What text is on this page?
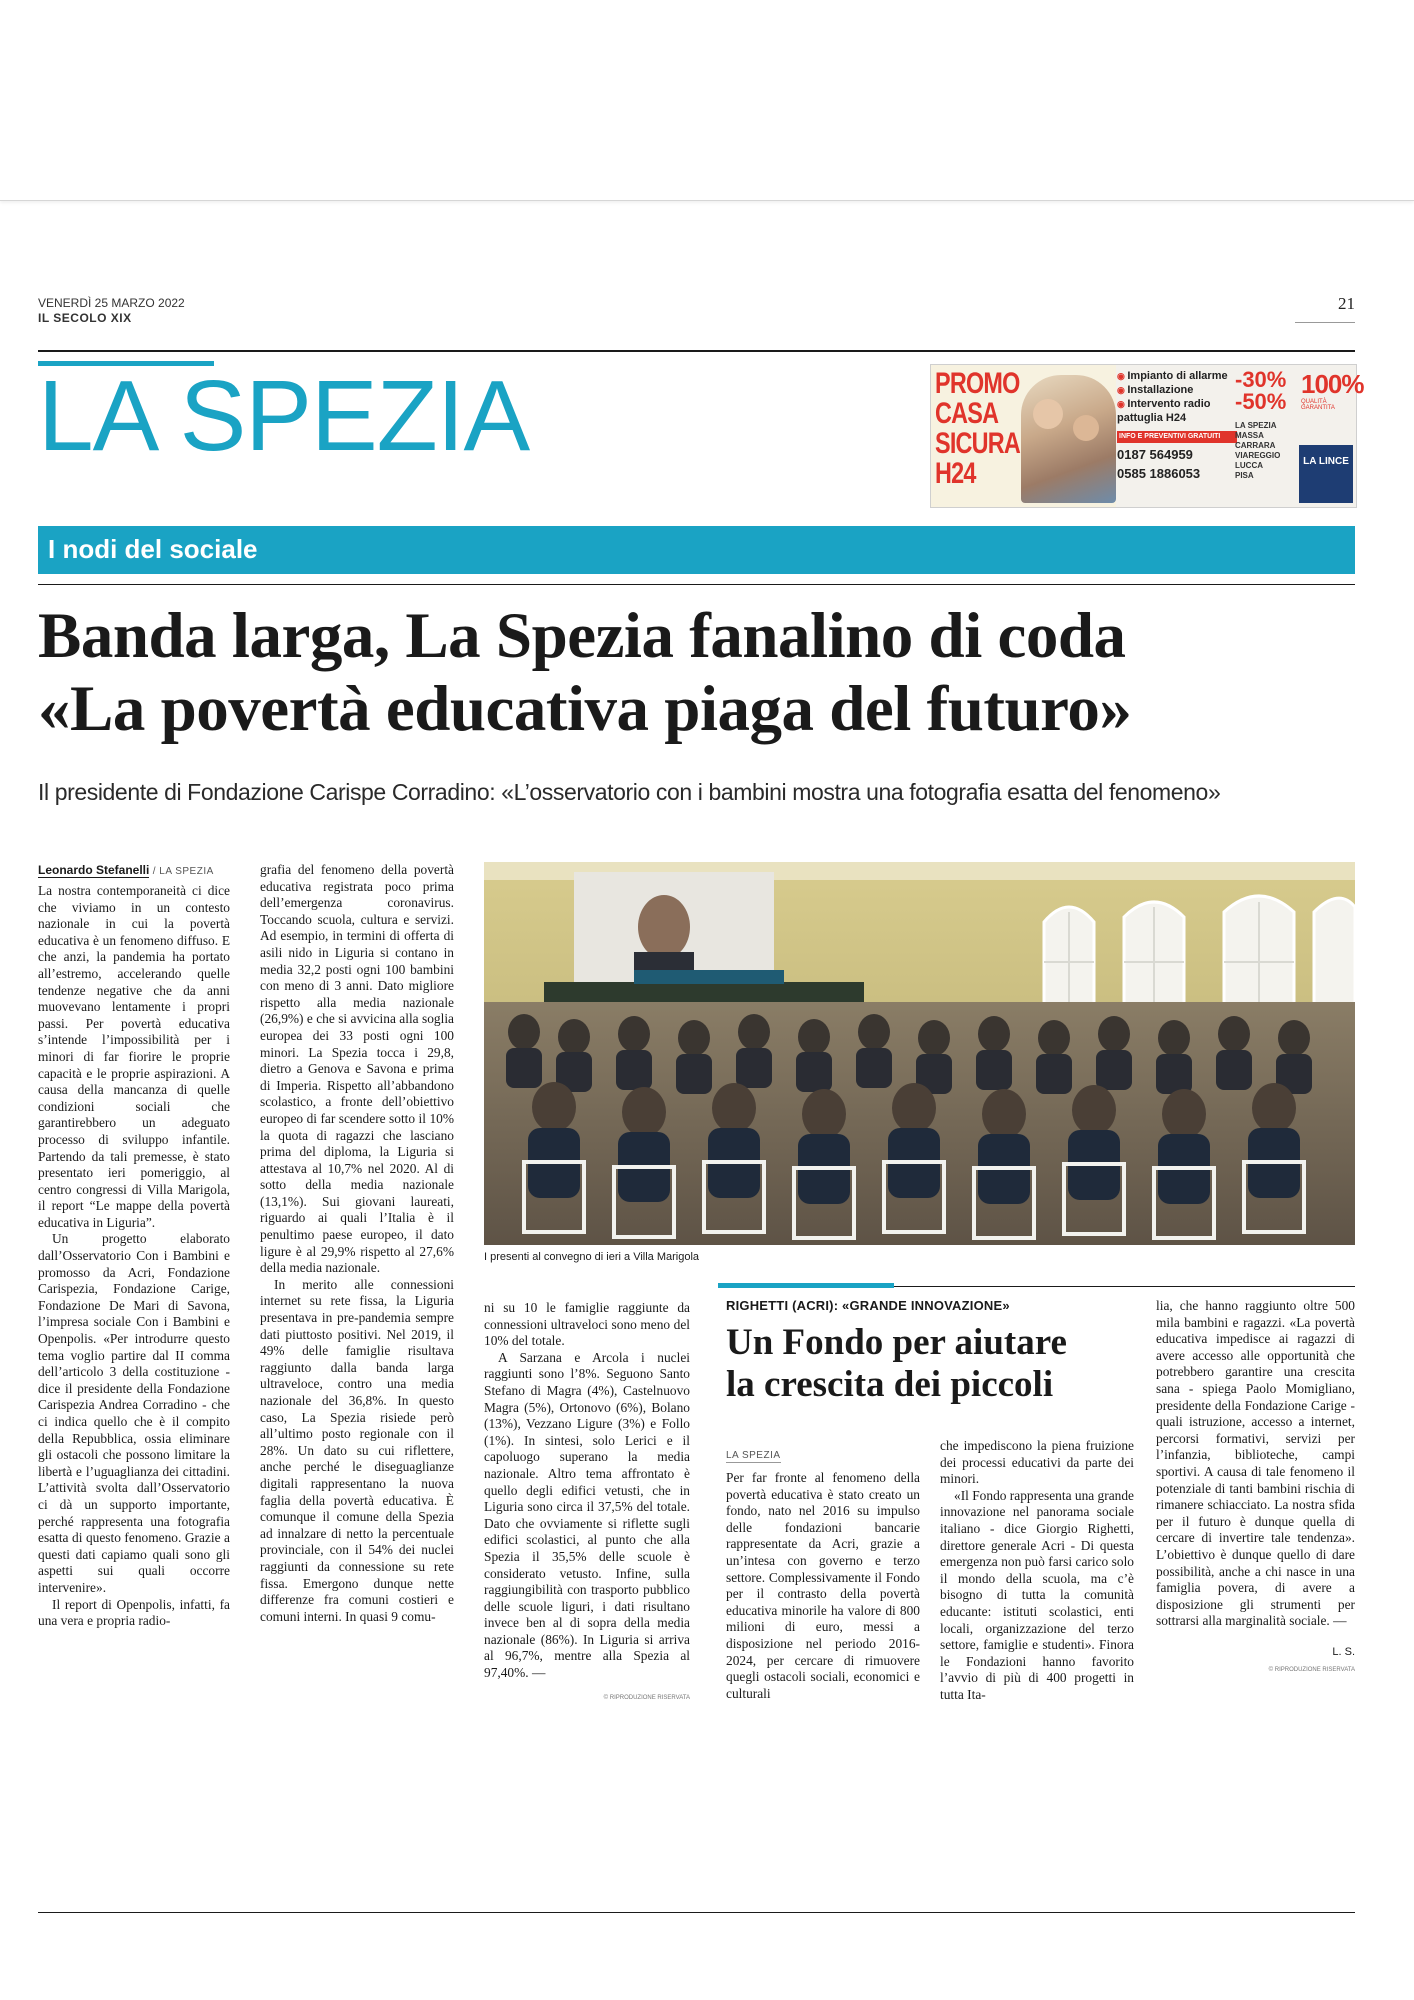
VENERDÌ 25 MARZO 2022
IL SECOLO XIX
21
LA SPEZIA	PROMO
CASA
SICURA
H24
◉ Impianto di allarme
◉ Installazione
◉ Intervento radio pattuglia H24
INFO E PREVENTIVI GRATUITI
0187 564959
0585 1886053
-30%
-50%
LA SPEZIA
MASSA CARRARA
VIAREGGIO
LUCCA
PISA
100%
QUALITÀ GARANTITA
LA LINCE
I nodi del sociale
Banda larga, La Spezia fanalino di coda
«La povertà educativa piaga del futuro»
Il presidente di Fondazione Carispe Corradino: «L’osservatorio con i bambini mostra una fotografia esatta del fenomeno»
Leonardo Stefanelli / LA SPEZIA

La nostra contemporaneità ci dice che viviamo in un contesto nazionale in cui la povertà educativa è un fenomeno diffuso. E che anzi, la pandemia ha portato all’estremo, accelerando quelle tendenze negative che da anni muovevano lentamente i propri passi. Per povertà educativa s’intende l’impossibilità per i minori di far fiorire le proprie capacità e le proprie aspirazioni. A causa della mancanza di quelle condizioni sociali che garantirebbero un adeguato processo di sviluppo infantile. Partendo da tali premesse, è stato presentato ieri pomeriggio, al centro congressi di Villa Marigola, il report “Le mappe della povertà educativa in Liguria”.

Un progetto elaborato dall’Osservatorio Con i Bambini e promosso da Acri, Fondazione Carispezia, Fondazione Carige, Fondazione De Mari di Savona, l’impresa sociale Con i Bambini e Openpolis. «Per introdurre questo tema voglio partire dal II comma dell’articolo 3 della costituzione - dice il presidente della Fondazione Carispezia Andrea Corradino - che ci indica quello che è il compito della Repubblica, ossia eliminare gli ostacoli che possono limitare la libertà e l’uguaglianza dei cittadini. L’attività svolta dall’Osservatorio ci dà un supporto importante, perché rappresenta una fotografia esatta di questo fenomeno. Grazie a questi dati capiamo quali sono gli aspetti sui quali occorre intervenire».

Il report di Openpolis, infatti, fa una vera e propria radio-

grafia del fenomeno della povertà educativa registrata poco prima dell’emergenza coronavirus. Toccando scuola, cultura e servizi. Ad esempio, in termini di offerta di asili nido in Liguria si contano in media 32,2 posti ogni 100 bambini con meno di 3 anni. Dato migliore rispetto alla media nazionale (26,9%) e che si avvicina alla soglia europea dei 33 posti ogni 100 minori. La Spezia tocca i 29,8, dietro a Genova e Savona e prima di Imperia. Rispetto all’abbandono scolastico, a fronte dell’obiettivo europeo di far scendere sotto il 10% la quota di ragazzi che lasciano prima del diploma, la Liguria si attestava al 10,7% nel 2020. Al di sotto della media nazionale (13,1%). Sui giovani laureati, riguardo ai quali l’Italia è il penultimo paese europeo, il dato ligure è al 29,9% rispetto al 27,6% della media nazionale.

In merito alle connessioni internet su rete fissa, la Liguria presentava in pre-pandemia sempre dati piuttosto positivi. Nel 2019, il 49% delle famiglie risultava raggiunto dalla banda larga ultraveloce, contro una media nazionale del 36,8%. In questo caso, La Spezia risiede però all’ultimo posto regionale con il 28%. Un dato su cui riflettere, anche perché le diseguaglianze digitali rappresentano la nuova faglia della povertà educativa. È comunque il comune della Spezia ad innalzare di netto la percentuale provinciale, con il 54% dei nuclei raggiunti da connessione su rete fissa. Emergono dunque nette differenze fra comuni costieri e comuni interni. In quasi 9 comu-

ni su 10 le famiglie raggiunte da connessioni ultraveloci sono meno del 10% del totale.

A Sarzana e Arcola i nuclei raggiunti sono l’8%. Seguono Santo Stefano di Magra (4%), Castelnuovo Magra (5%), Ortonovo (6%), Bolano (13%), Vezzano Ligure (3%) e Follo (1%). In sintesi, solo Lerici e il capoluogo superano la media nazionale. Altro tema affrontato è quello degli edifici vetusti, che in Liguria sono circa il 37,5% del totale. Dato che ovviamente si riflette sugli edifici scolastici, al punto che alla Spezia il 35,5% delle scuole è considerato vetusto. Infine, sulla raggiungibilità con trasporto pubblico delle scuole liguri, i dati risultano invece ben al di sopra della media nazionale (86%). In Liguria si arriva al 96,7%, mentre alla Spezia al 97,40%. —

© RIPRODUZIONE RISERVATA
I presenti al convegno di ieri a Villa Marigola
RIGHETTI (ACRI): «GRANDE INNOVAZIONE»
Un Fondo per aiutare
la crescita dei piccoli
LA SPEZIA

Per far fronte al fenomeno della povertà educativa è stato creato un fondo, nato nel 2016 su impulso delle fondazioni bancarie rappresentate da Acri, grazie a un’intesa con governo e terzo settore. Complessivamente il Fondo per il contrasto della povertà educativa minorile ha valore di 800 milioni di euro, messi a disposizione nel periodo 2016-2024, per cercare di rimuovere quegli ostacoli sociali, economici e culturali

che impediscono la piena fruizione dei processi educativi da parte dei minori.

«Il Fondo rappresenta una grande innovazione nel panorama sociale italiano - dice Giorgio Righetti, direttore generale Acri - Di questa emergenza non può farsi carico solo il mondo della scuola, ma c’è bisogno di tutta la comunità educante: istituti scolastici, enti locali, organizzazione del terzo settore, famiglie e studenti». Finora le Fondazioni hanno favorito l’avvio di più di 400 progetti in tutta Ita-

lia, che hanno raggiunto oltre 500 mila bambini e ragazzi. «La povertà educativa impedisce ai ragazzi di avere accesso alle opportunità che potrebbero garantire una crescita sana - spiega Paolo Momigliano, presidente della Fondazione Carige - quali istruzione, accesso a internet, percorsi formativi, servizi per l’infanzia, biblioteche, campi sportivi. A causa di tale fenomeno il potenziale di tanti bambini rischia di rimanere schiacciato. La nostra sfida per il futuro è dunque quella di cercare di invertire tale tendenza». L’obiettivo è dunque quello di dare possibilità, anche a chi nasce in una famiglia povera, di avere a disposizione gli strumenti per sottrarsi alla marginalità sociale. —

L. S.
© RIPRODUZIONE RISERVATA
